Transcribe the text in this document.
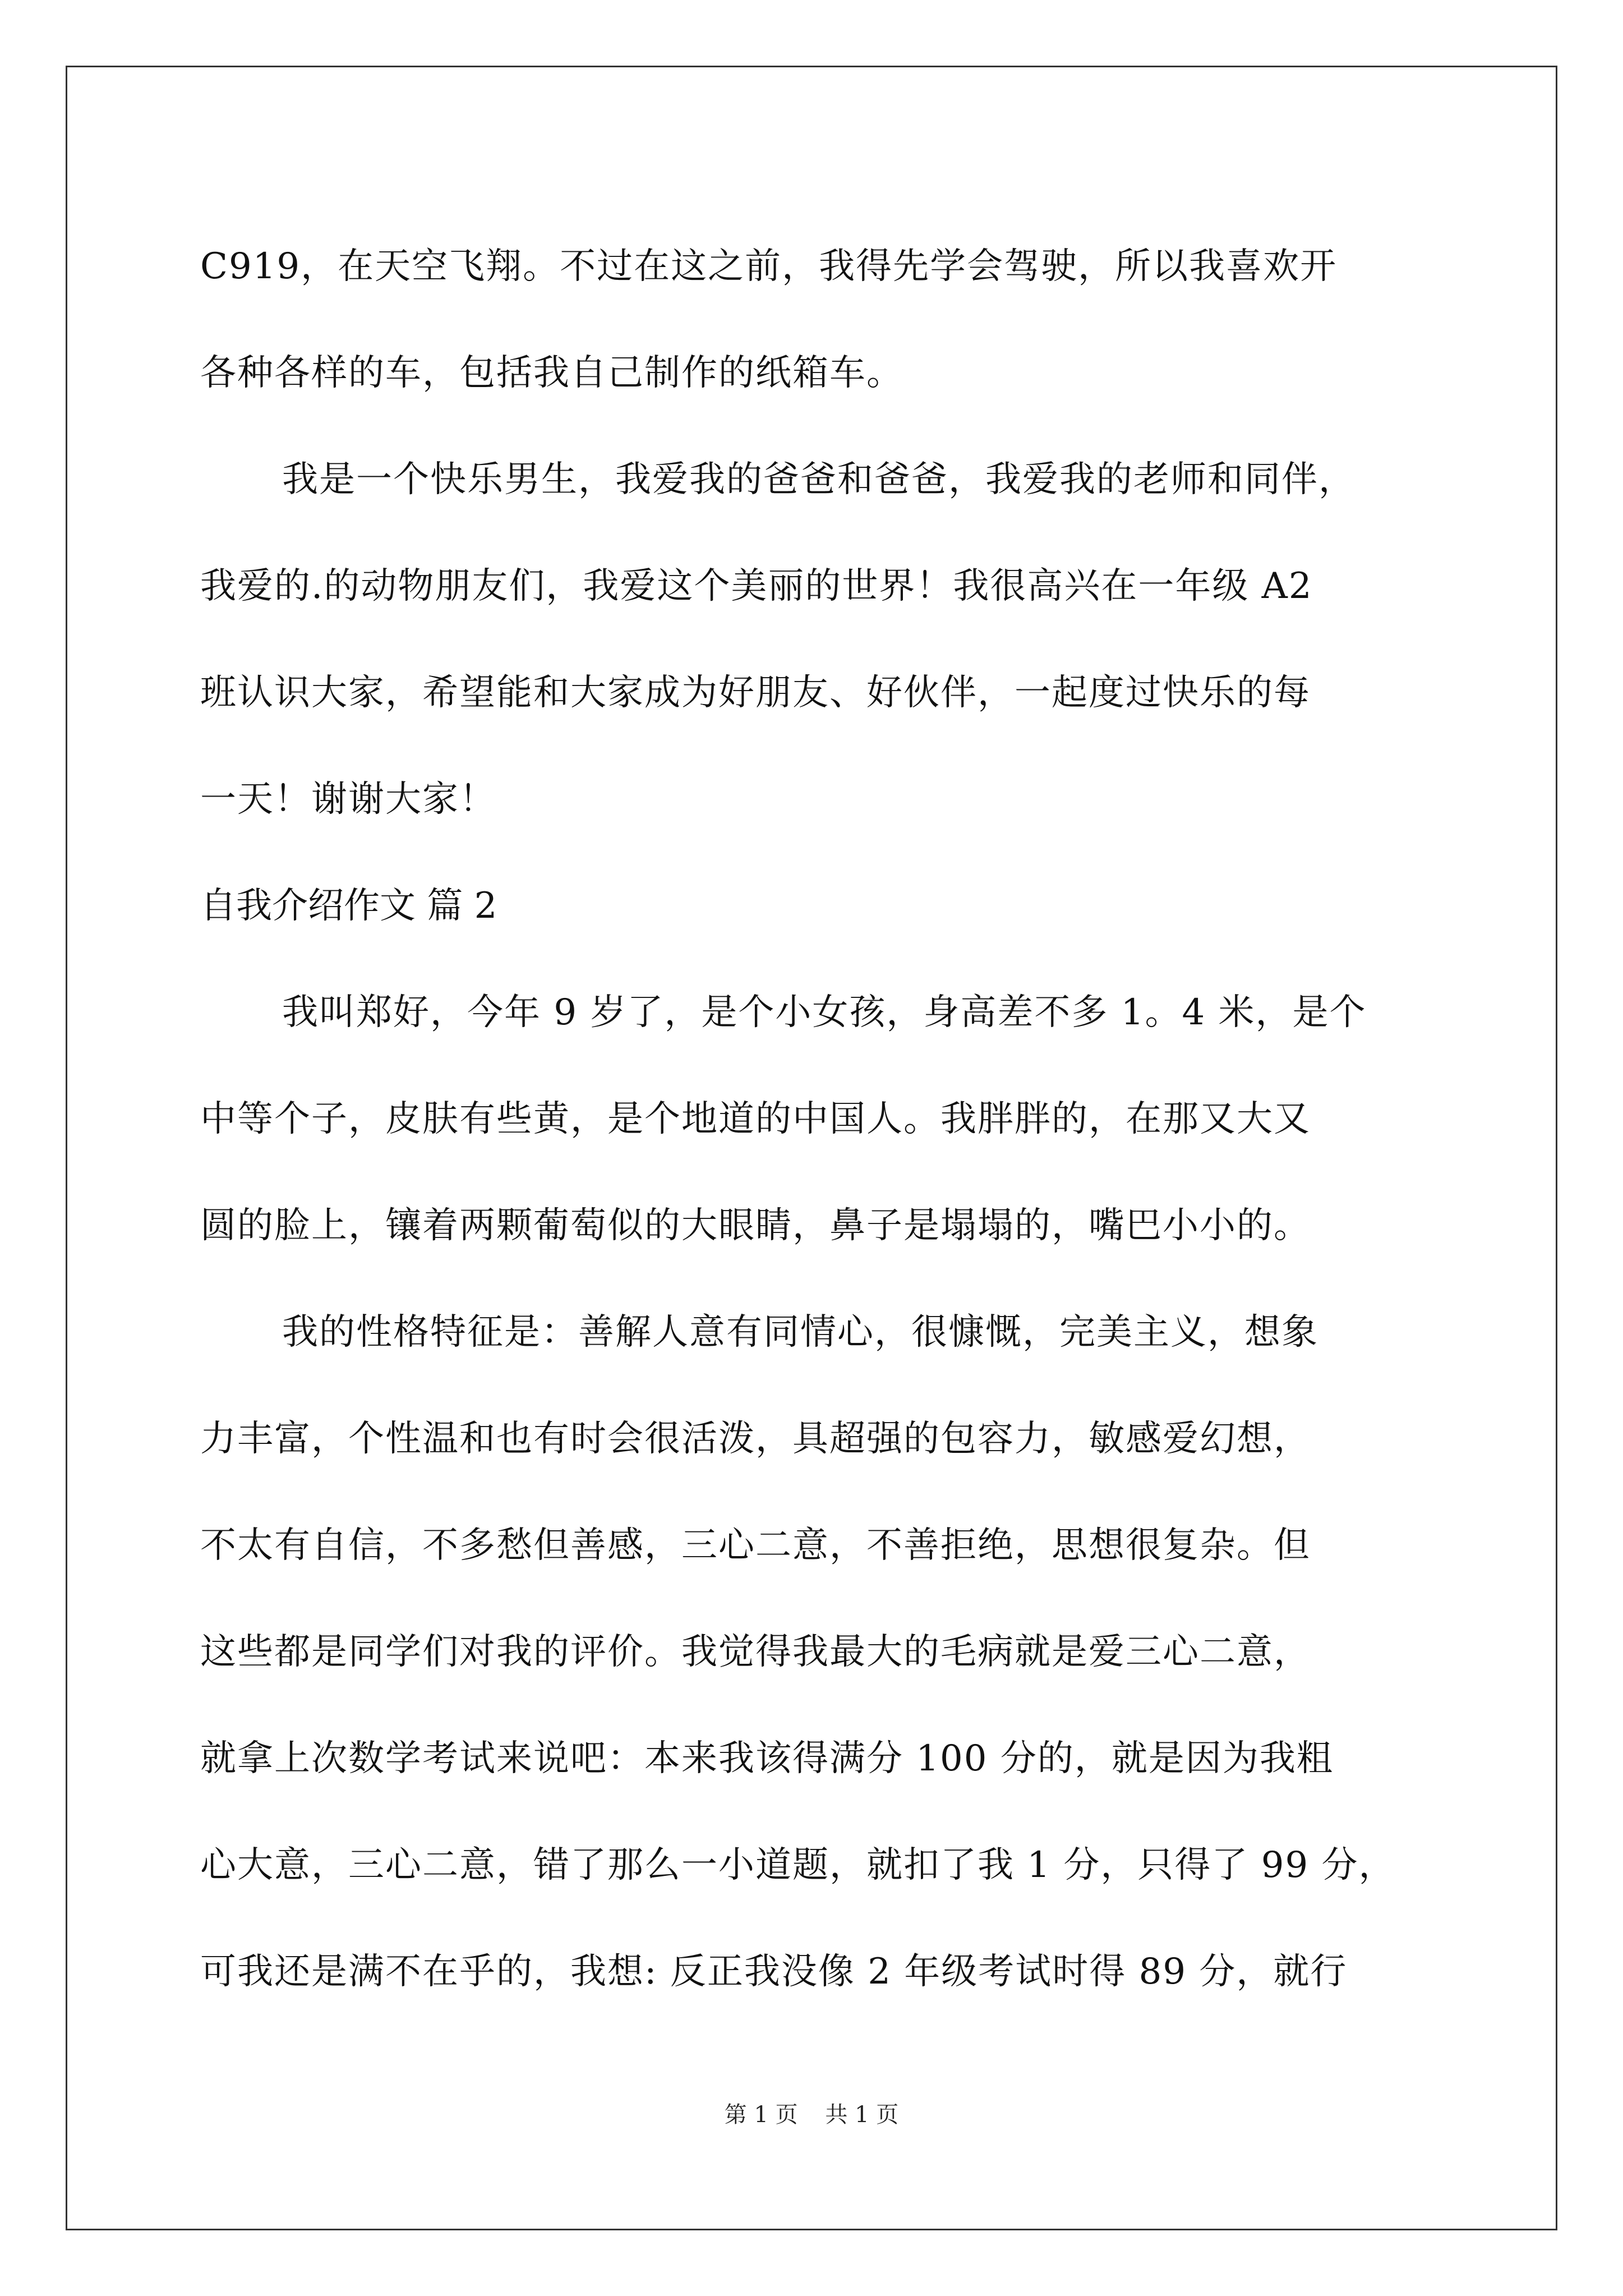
C919，在天空飞翔。不过在这之前，我得先学会驾驶，所以我喜欢开
各种各样的车，包括我自己制作的纸箱车。
我是一个快乐男生，我爱我的爸爸和爸爸，我爱我的老师和同伴，
我爱的.的动物朋友们，我爱这个美丽的世界！我很高兴在一年级 A2
班认识大家，希望能和大家成为好朋友、好伙伴，一起度过快乐的每
一天！谢谢大家！
自我介绍作文 篇 2
我叫郑好，今年 9 岁了，是个小女孩，身高差不多 1。4 米，是个
中等个子，皮肤有些黄，是个地道的中国人。我胖胖的，在那又大又
圆的脸上，镶着两颗葡萄似的大眼睛，鼻子是塌塌的，嘴巴小小的。
我的性格特征是：善解人意有同情心，很慷慨，完美主义，想象
力丰富，个性温和也有时会很活泼，具超强的包容力，敏感爱幻想，
不太有自信，不多愁但善感，三心二意，不善拒绝，思想很复杂。但
这些都是同学们对我的评价。我觉得我最大的毛病就是爱三心二意，
就拿上次数学考试来说吧：本来我该得满分 100 分的，就是因为我粗
心大意，三心二意，错了那么一小道题，就扣了我 1 分，只得了 99 分，
可我还是满不在乎的，我想: 反正我没像 2 年级考试时得 89 分，就行
第 1 页 共 1 页
